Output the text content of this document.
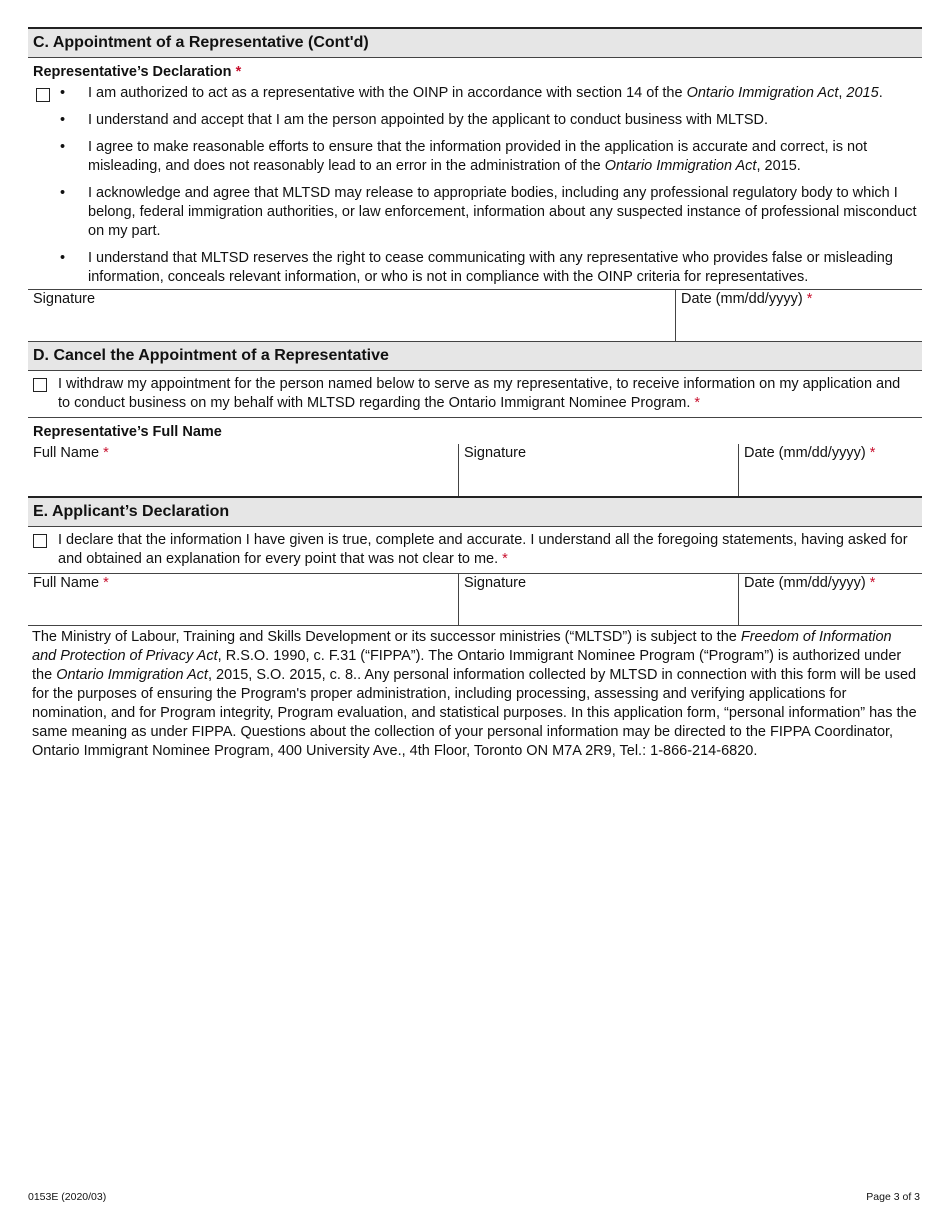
C. Appointment of a Representative (Cont'd)
Representative’s Declaration *
• I am authorized to act as a representative with the OINP in accordance with section 14 of the Ontario Immigration Act, 2015.
• I understand and accept that I am the person appointed by the applicant to conduct business with MLTSD.
• I agree to make reasonable efforts to ensure that the information provided in the application is accurate and correct, is not misleading, and does not reasonably lead to an error in the administration of the Ontario Immigration Act, 2015.
• I acknowledge and agree that MLTSD may release to appropriate bodies, including any professional regulatory body to which I belong, federal immigration authorities, or law enforcement, information about any suspected instance of professional misconduct on my part.
• I understand that MLTSD reserves the right to cease communicating with any representative who provides false or misleading information, conceals relevant information, or who is not in compliance with the OINP criteria for representatives.
Signature	Date (mm/dd/yyyy) *
D. Cancel the Appointment of a Representative
I withdraw my appointment for the person named below to serve as my representative, to receive information on my application and to conduct business on my behalf with MLTSD regarding the Ontario Immigrant Nominee Program. *
Representative’s Full Name
Full Name *	Signature	Date (mm/dd/yyyy) *
E. Applicant’s Declaration
I declare that the information I have given is true, complete and accurate. I understand all the foregoing statements, having asked for and obtained an explanation for every point that was not clear to me. *
Full Name *	Signature	Date (mm/dd/yyyy) *
The Ministry of Labour, Training and Skills Development or its successor ministries (“MLTSD”) is subject to the Freedom of Information and Protection of Privacy Act, R.S.O. 1990, c. F.31 (“FIPPA”). The Ontario Immigrant Nominee Program (“Program”) is authorized under the Ontario Immigration Act, 2015, S.O. 2015, c. 8.. Any personal information collected by MLTSD in connection with this form will be used for the purposes of ensuring the Program's proper administration, including processing, assessing and verifying applications for nomination, and for Program integrity, Program evaluation, and statistical purposes. In this application form, “personal information” has the same meaning as under FIPPA. Questions about the collection of your personal information may be directed to the FIPPA Coordinator, Ontario Immigrant Nominee Program, 400 University Ave., 4th Floor, Toronto ON M7A 2R9, Tel.: 1-866-214-6820.
0153E (2020/03)	Page 3 of 3
